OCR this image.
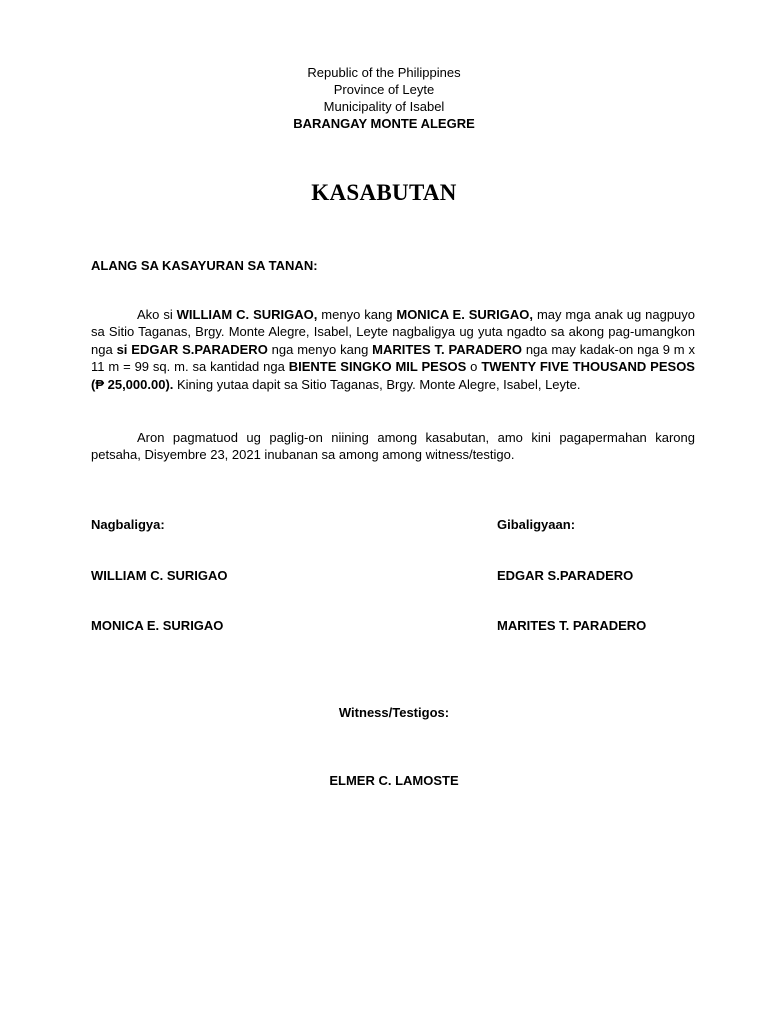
Republic of the Philippines
Province of Leyte
Municipality of Isabel
BARANGAY MONTE ALEGRE
KASABUTAN
ALANG SA KASAYURAN SA TANAN:
Ako si WILLIAM C. SURIGAO, menyo kang MONICA E. SURIGAO, may mga anak ug nagpuyo sa Sitio Taganas, Brgy. Monte Alegre, Isabel, Leyte nagbaligya ug yuta ngadto sa akong pag-umangkon nga si EDGAR S.PARADERO nga menyo kang MARITES T. PARADERO nga may kadak-on nga 9 m x 11 m = 99 sq. m. sa kantidad nga BIENTE SINGKO MIL PESOS o TWENTY FIVE THOUSAND PESOS (₱ 25,000.00). Kining yutaa dapit sa Sitio Taganas, Brgy. Monte Alegre, Isabel, Leyte.
Aron pagmatuod ug paglig-on niining among kasabutan, amo kini pagapermahan karong petsaha, Disyembre 23, 2021 inubanan sa among among witness/testigo.
Nagbaligya:	Gibaligyaan:
WILLIAM C. SURIGAO	EDGAR S.PARADERO
MONICA E. SURIGAO	MARITES T. PARADERO
Witness/Testigos:
ELMER C. LAMOSTE
